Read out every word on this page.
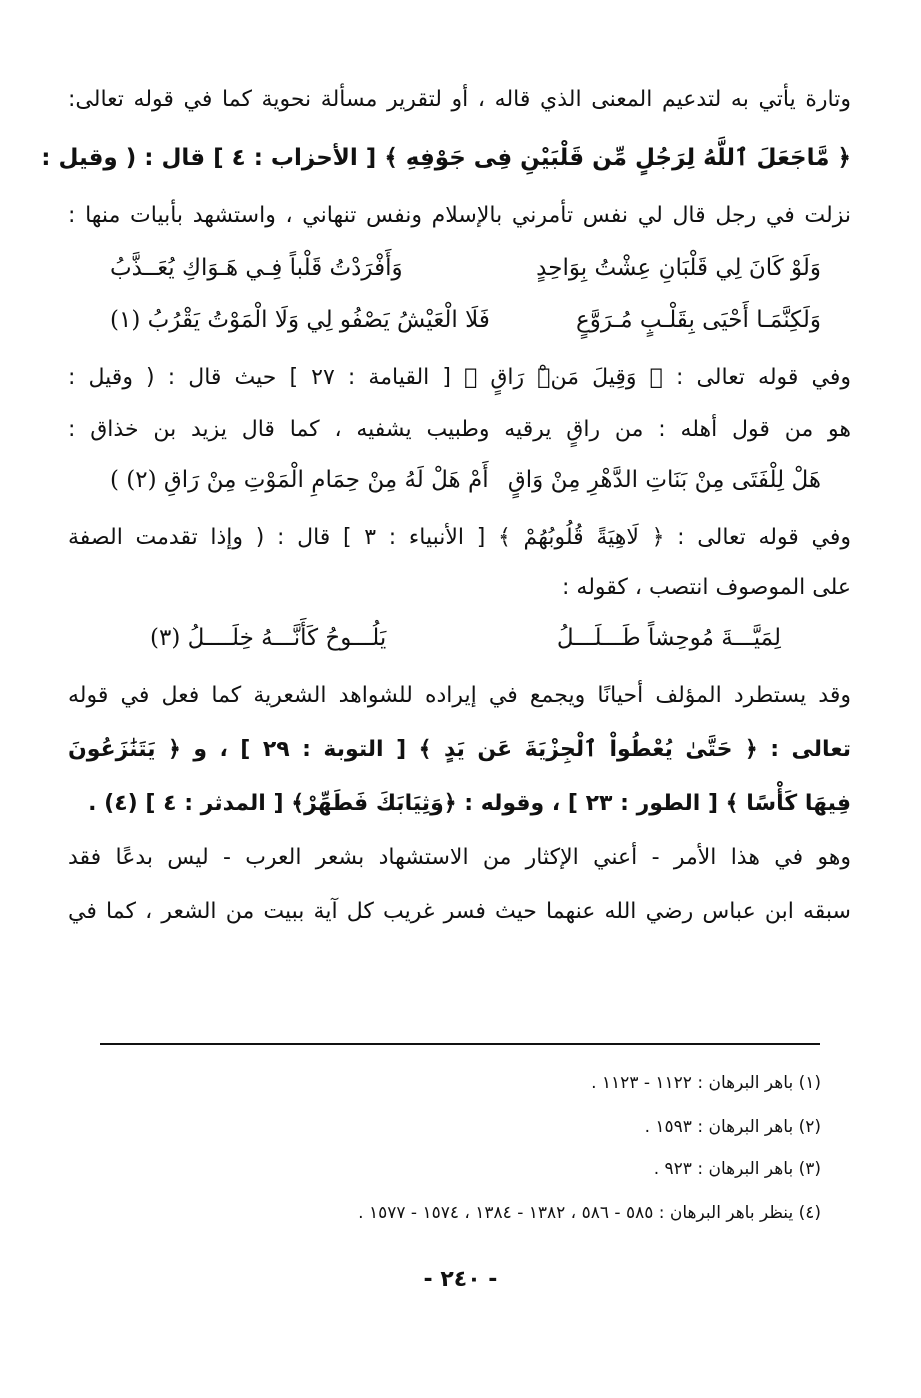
وتارة يأتي به لتدعيم المعنى الذي قاله ، أو لتقرير مسألة نحوية كما في قوله تعالى:
﴿ مَّاجَعَلَ ٱللَّهُ لِرَجُلٍ مِّن قَلْبَيْنِ فِى جَوْفِهِ ﴾ [ الأحزاب : ٤ ] قال : ( وقيل :
نزلت في رجل قال لي نفس تأمرني بالإسلام ونفس تنهاني ، واستشهد بأبيات منها :
وَلَوْ كَانَ لِي قَلْبَانِ عِشْتُ بِوَاحِدٍ
وَأَفْرَدْتُ قَلْباً فِـي هَـوَاكِ يُعَــذَّبُ
وَلَكِنَّمَـا أَحْيَى بِقَلْـبٍ مُـرَوَّعٍ
فَلَا الْعَيْشُ يَصْفُو لِي وَلَا الْمَوْتُ يَقْرُبُ (١)
وفي قوله تعالى : ﴿ وَقِيلَ مَنْۜ رَاقٍ ﴾ [ القيامة : ٢٧ ] حيث قال : ( وقيل :
هو من قول أهله : من راقٍ يرقيه وطبيب يشفيه ، كما قال يزيد بن خذاق :
هَلْ لِلْفَتَى مِنْ بَنَاتِ الدَّهْرِ مِنْ وَاقٍ
أَمْ هَلْ لَهُ مِنْ حِمَامِ الْمَوْتِ مِنْ رَاقِ (٢) )
وفي قوله تعالى : ﴿ لَاهِيَةً قُلُوبُهُمْ ﴾ [ الأنبياء : ٣ ] قال : ( وإذا تقدمت الصفة
على الموصوف انتصب ، كقوله :
لِمَيَّـــةَ مُوحِشاً طَـــلَـــلُ
يَلُـــوحُ كَأَنَّـــهُ خِلَــــلُ (٣)
وقد يستطرد المؤلف أحيانًا ويجمع في إيراده للشواهد الشعرية كما فعل في قوله
تعالى : ﴿ حَتَّىٰ يُعْطُواْ ٱلْجِزْيَةَ عَن يَدٍ ﴾ [ التوبة : ٢٩ ] ، و ﴿ يَتَنَٰزَعُونَ
فِيهَا كَأْسًا ﴾ [ الطور : ٢٣ ] ، وقوله : ﴿وَثِيَابَكَ فَطَهِّرْ﴾ [ المدثر : ٤ ] (٤) .
وهو في هذا الأمر - أعني الإكثار من الاستشهاد بشعر العرب - ليس بدعًا فقد
سبقه ابن عباس رضي الله عنهما حيث فسر غريب كل آية ببيت من الشعر ، كما في
(١) باهر البرهان : ١١٢٢ - ١١٢٣ .
(٢) باهر البرهان : ١٥٩٣ .
(٣) باهر البرهان : ٩٢٣ .
(٤) ينظر باهر البرهان : ٥٨٥ - ٥٨٦ ، ١٣٨٢ - ١٣٨٤ ، ١٥٧٤ - ١٥٧٧ .
- ٢٤٠ -
